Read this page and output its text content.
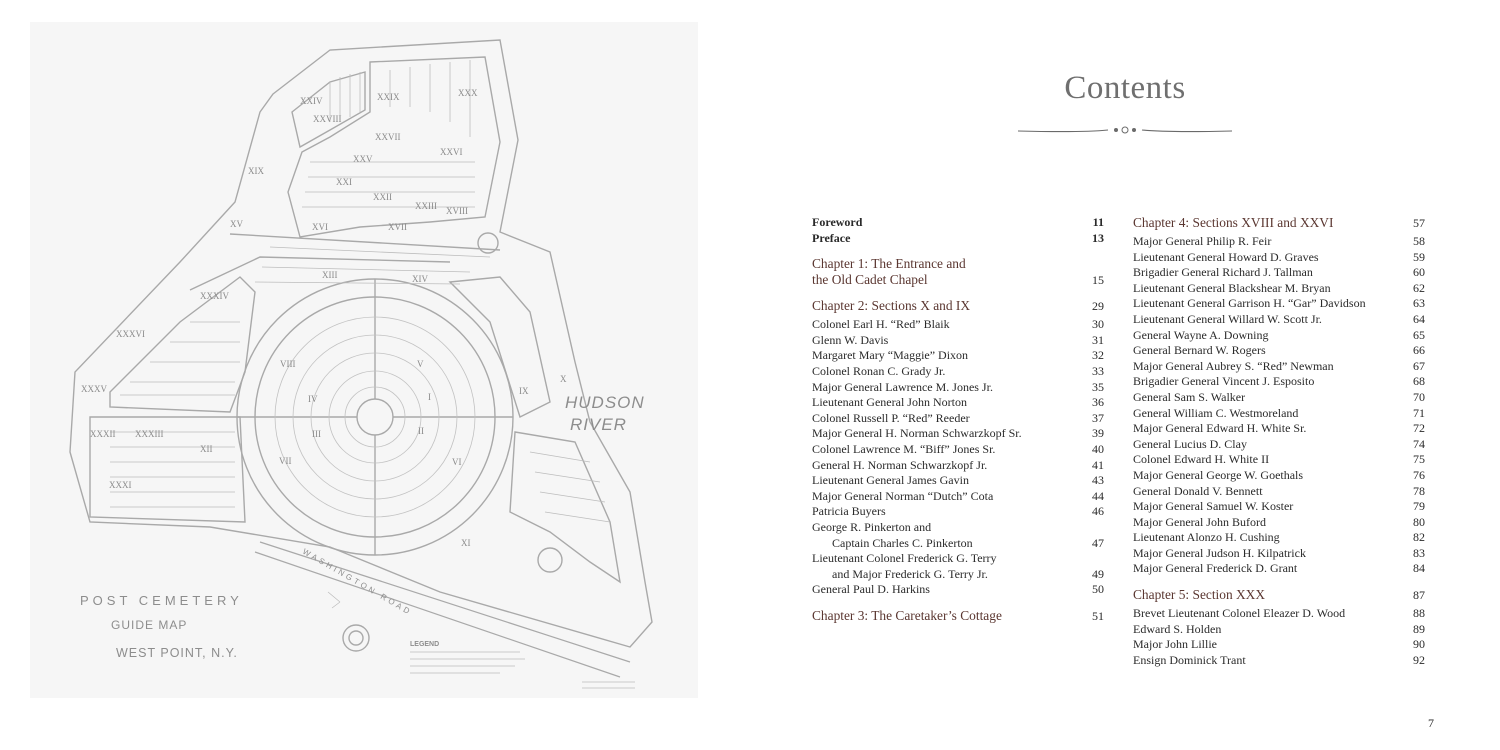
XXIV	XXIX	XXX
XXVIII
XXVII
XXVI
XXV
XXI
XXII
XXIII XVIII
XIX
XV	XVI	XVII
XIII	XIV
XXXIV
XXXVI
XXXV
VIII	V
IV	I
II
III
VII	VI
IX
XXXII XXXIII
XII
XXXI
XI
X
POST CEMETERY
GUIDE MAP
WEST POINT, N.Y.
HUDSON
RIVER
WASHINGTON ROAD
LEGEND
Contents
Foreword	11
Preface	13
Chapter 1: The Entrance and
the Old Cadet Chapel	15
Chapter 2: Sections X and IX	29
Colonel Earl H. “Red” Blaik	30
Glenn W. Davis	31
Margaret Mary “Maggie” Dixon	32
Colonel Ronan C. Grady Jr.	33
Major General Lawrence M. Jones Jr.	35
Lieutenant General John Norton	36
Colonel Russell P. “Red” Reeder	37
Major General H. Norman Schwarzkopf Sr.	39
Colonel Lawrence M. “Biff” Jones Sr.	40
General H. Norman Schwarzkopf Jr.	41
Lieutenant General James Gavin	43
Major General Norman “Dutch” Cota	44
Patricia Buyers	46
George R. Pinkerton and
Captain Charles C. Pinkerton	47
Lieutenant Colonel Frederick G. Terry
and Major Frederick G. Terry Jr.	49
General Paul D. Harkins	50
Chapter 3: The Caretaker’s Cottage	51
Chapter 4: Sections XVIII and XXVI	57
Major General Philip R. Feir	58
Lieutenant General Howard D. Graves	59
Brigadier General Richard J. Tallman	60
Lieutenant General Blackshear M. Bryan	62
Lieutenant General Garrison H. “Gar” Davidson	63
Lieutenant General Willard W. Scott Jr.	64
General Wayne A. Downing	65
General Bernard W. Rogers	66
Major General Aubrey S. “Red” Newman	67
Brigadier General Vincent J. Esposito	68
General Sam S. Walker	70
General William C. Westmoreland	71
Major General Edward H. White Sr.	72
General Lucius D. Clay	74
Colonel Edward H. White II	75
Major General George W. Goethals	76
General Donald V. Bennett	78
Major General Samuel W. Koster	79
Major General John Buford	80
Lieutenant Alonzo H. Cushing	82
Major General Judson H. Kilpatrick	83
Major General Frederick D. Grant	84
Chapter 5: Section XXX	87
Brevet Lieutenant Colonel Eleazer D. Wood	88
Edward S. Holden	89
Major John Lillie	90
Ensign Dominick Trant	92
7
